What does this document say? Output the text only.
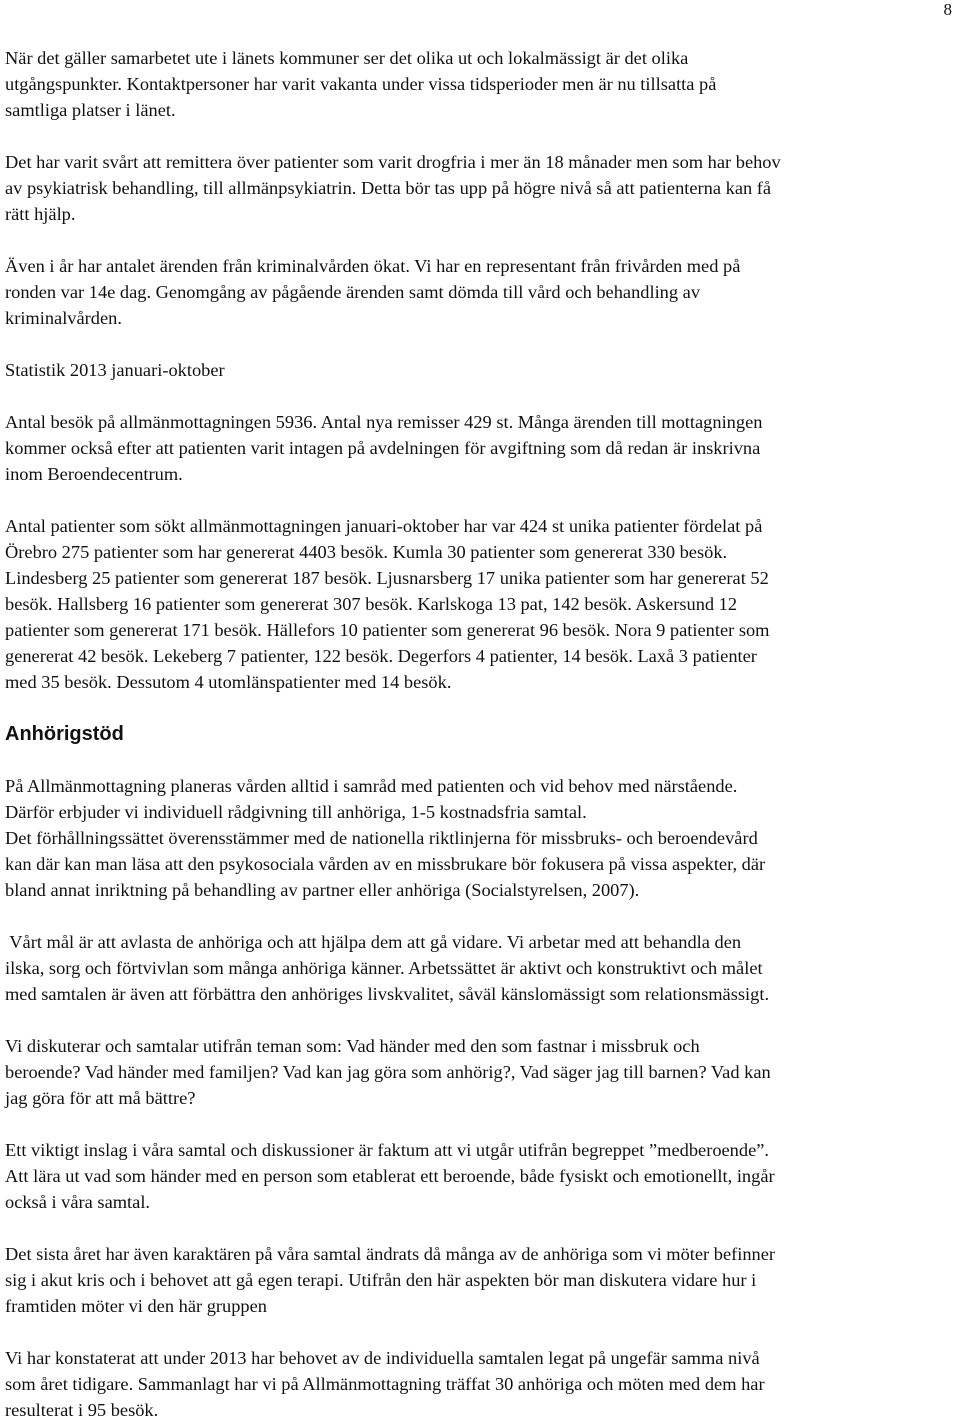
8

När det gäller samarbetet ute i länets kommuner ser det olika ut och lokalmässigt är det olika
utgångspunkter. Kontaktpersoner har varit vakanta under vissa tidsperioder men är nu tillsatta på
samtliga platser i länet.

Det har varit svårt att remittera över patienter som varit drogfria i mer än 18 månader men som har behov
av psykiatrisk behandling, till allmänpsykiatrin. Detta bör tas upp på högre nivå så att patienterna kan få
rätt hjälp.

Även i år har antalet ärenden från kriminalvården ökat. Vi har en representant från frivården med på
ronden var 14e dag. Genomgång av pågående ärenden samt dömda till vård och behandling av
kriminalvården.

Statistik 2013 januari-oktober

Antal besök på allmänmottagningen 5936. Antal nya remisser 429 st. Många ärenden till mottagningen
kommer också efter att patienten varit intagen på avdelningen för avgiftning som då redan är inskrivna
inom Beroendecentrum.

Antal patienter som sökt allmänmottagningen januari-oktober har var 424 st unika patienter fördelat på
Örebro 275 patienter som har genererat 4403 besök. Kumla 30 patienter som genererat 330 besök.
Lindesberg 25 patienter som genererat 187 besök. Ljusnarsberg 17 unika patienter som har genererat 52
besök. Hallsberg 16 patienter som genererat 307 besök. Karlskoga 13 pat, 142 besök. Askersund 12
patienter som genererat 171 besök. Hällefors 10 patienter som genererat 96 besök. Nora 9 patienter som
genererat 42 besök. Lekeberg 7 patienter, 122 besök. Degerfors 4 patienter, 14 besök. Laxå 3 patienter
med 35 besök. Dessutom 4 utomlänspatienter med 14 besök.

Anhörigstöd

På Allmänmottagning planeras vården alltid i samråd med patienten och vid behov med närstående.
Därför erbjuder vi individuell rådgivning till anhöriga, 1-5 kostnadsfria samtal.
Det förhållningssättet överensstämmer med de nationella riktlinjerna för missbruks- och beroendevård
kan där kan man läsa att den psykosociala vården av en missbrukare bör fokusera på vissa aspekter, där
bland annat inriktning på behandling av partner eller anhöriga (Socialstyrelsen, 2007).

Vårt mål är att avlasta de anhöriga och att hjälpa dem att gå vidare. Vi arbetar med att behandla den
ilska, sorg och förtvivlan som många anhöriga känner. Arbetssättet är aktivt och konstruktivt och målet
med samtalen är även att förbättra den anhöriges livskvalitet, såväl känslomässigt som relationsmässigt.

Vi diskuterar och samtalar utifrån teman som: Vad händer med den som fastnar i missbruk och
beroende? Vad händer med familjen? Vad kan jag göra som anhörig?, Vad säger jag till barnen? Vad kan
jag göra för att må bättre?

Ett viktigt inslag i våra samtal och diskussioner är faktum att vi utgår utifrån begreppet ”medberoende”.
Att lära ut vad som händer med en person som etablerat ett beroende, både fysiskt och emotionellt, ingår
också i våra samtal.

Det sista året har även karaktären på våra samtal ändrats då många av de anhöriga som vi möter befinner
sig i akut kris och i behovet att gå egen terapi. Utifrån den här aspekten bör man diskutera vidare hur i
framtiden möter vi den här gruppen

Vi har konstaterat att under 2013 har behovet av de individuella samtalen legat på ungefär samma nivå
som året tidigare. Sammanlagt har vi på Allmänmottagning träffat 30 anhöriga och möten med dem har
resulterat i 95 besök.
